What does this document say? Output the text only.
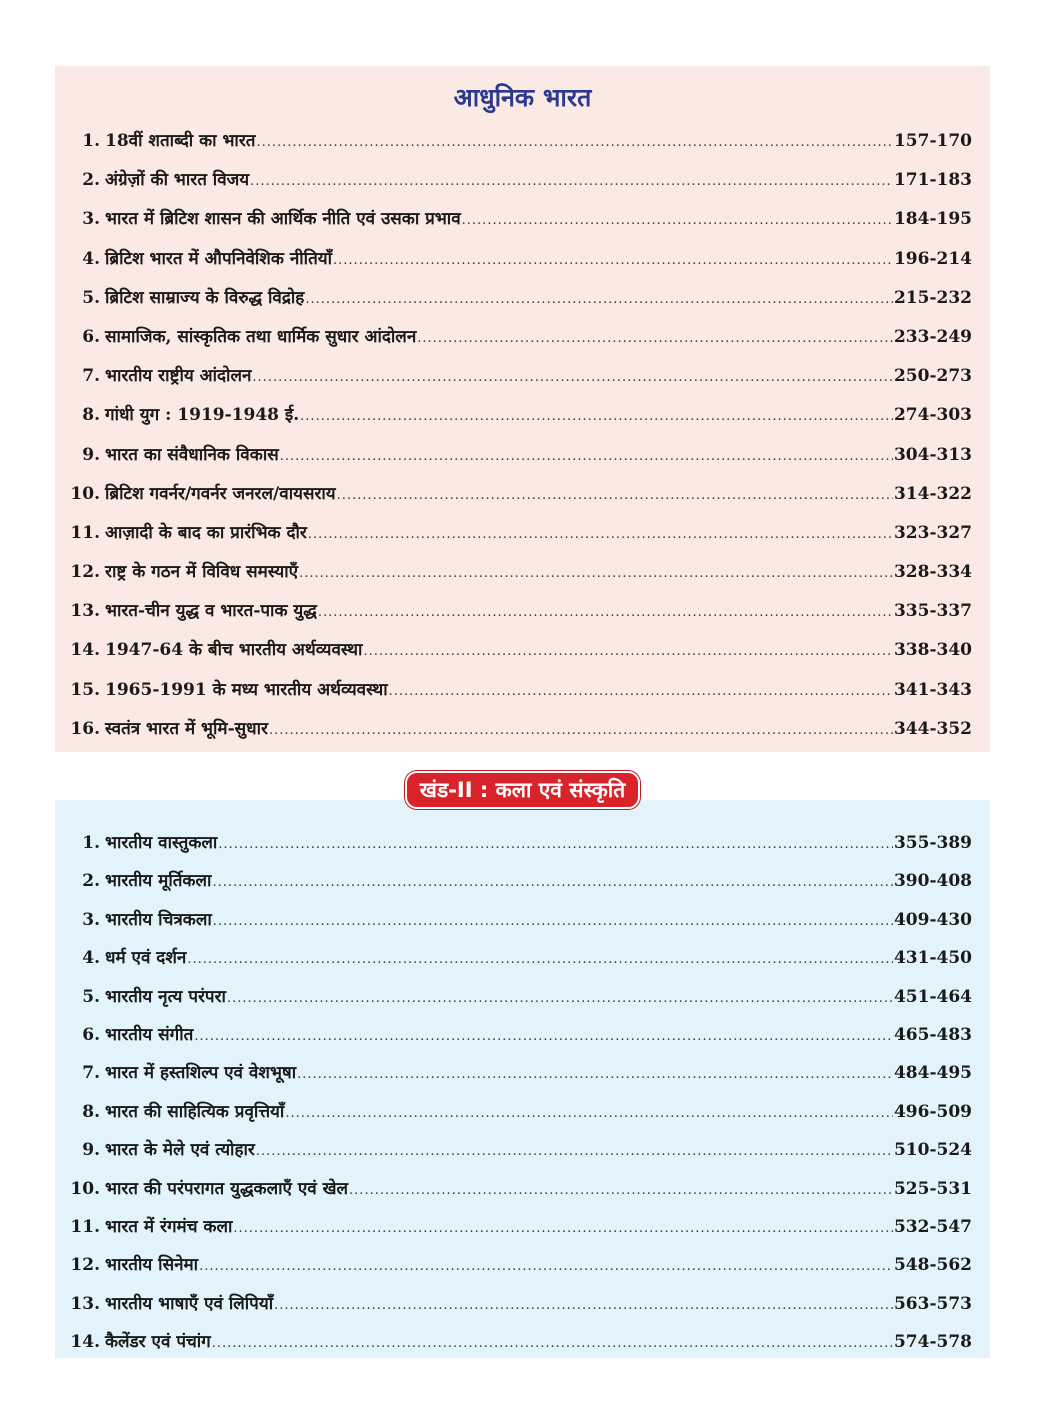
आधुनिक भारत
1. 18वीं शताब्दी का भारत .....	157-170
2. अंग्रेज़ों की भारत विजय .....	171-183
3. भारत में ब्रिटिश शासन की आर्थिक नीति एवं उसका प्रभाव .....	184-195
4. ब्रिटिश भारत में औपनिवेशिक नीतियाँ .....	196-214
5. ब्रिटिश साम्राज्य के विरुद्ध विद्रोह .....	215-232
6. सामाजिक, सांस्कृतिक तथा धार्मिक सुधार आंदोलन .....	233-249
7. भारतीय राष्ट्रीय आंदोलन .....	250-273
8. गांधी युग : 1919-1948 ई. .....	274-303
9. भारत का संवैधानिक विकास .....	304-313
10. ब्रिटिश गवर्नर/गवर्नर जनरल/वायसराय .....	314-322
11. आज़ादी के बाद का प्रारंभिक दौर .....	323-327
12. राष्ट्र के गठन में विविध समस्याएँ .....	328-334
13. भारत-चीन युद्ध व भारत-पाक युद्ध .....	335-337
14. 1947-64 के बीच भारतीय अर्थव्यवस्था .....	338-340
15. 1965-1991 के मध्य भारतीय अर्थव्यवस्था .....	341-343
16. स्वतंत्र भारत में भूमि-सुधार .....	344-352
1. भारतीय वास्तुकला .....	355-389
2. भारतीय मूर्तिकला .....	390-408
3. भारतीय चित्रकला .....	409-430
4. धर्म एवं दर्शन .....	431-450
5. भारतीय नृत्य परंपरा .....	451-464
6. भारतीय संगीत .....	465-483
7. भारत में हस्तशिल्प एवं वेशभूषा .....	484-495
8. भारत की साहित्यिक प्रवृत्तियाँ .....	496-509
9. भारत के मेले एवं त्योहार .....	510-524
10. भारत की परंपरागत युद्धकलाएँ एवं खेल .....	525-531
11. भारत में रंगमंच कला .....	532-547
12. भारतीय सिनेमा .....	548-562
13. भारतीय भाषाएँ एवं लिपियाँ .....	563-573
14. कैलेंडर एवं पंचांग .....	574-578
खंड-II : कला एवं संस्कृति
